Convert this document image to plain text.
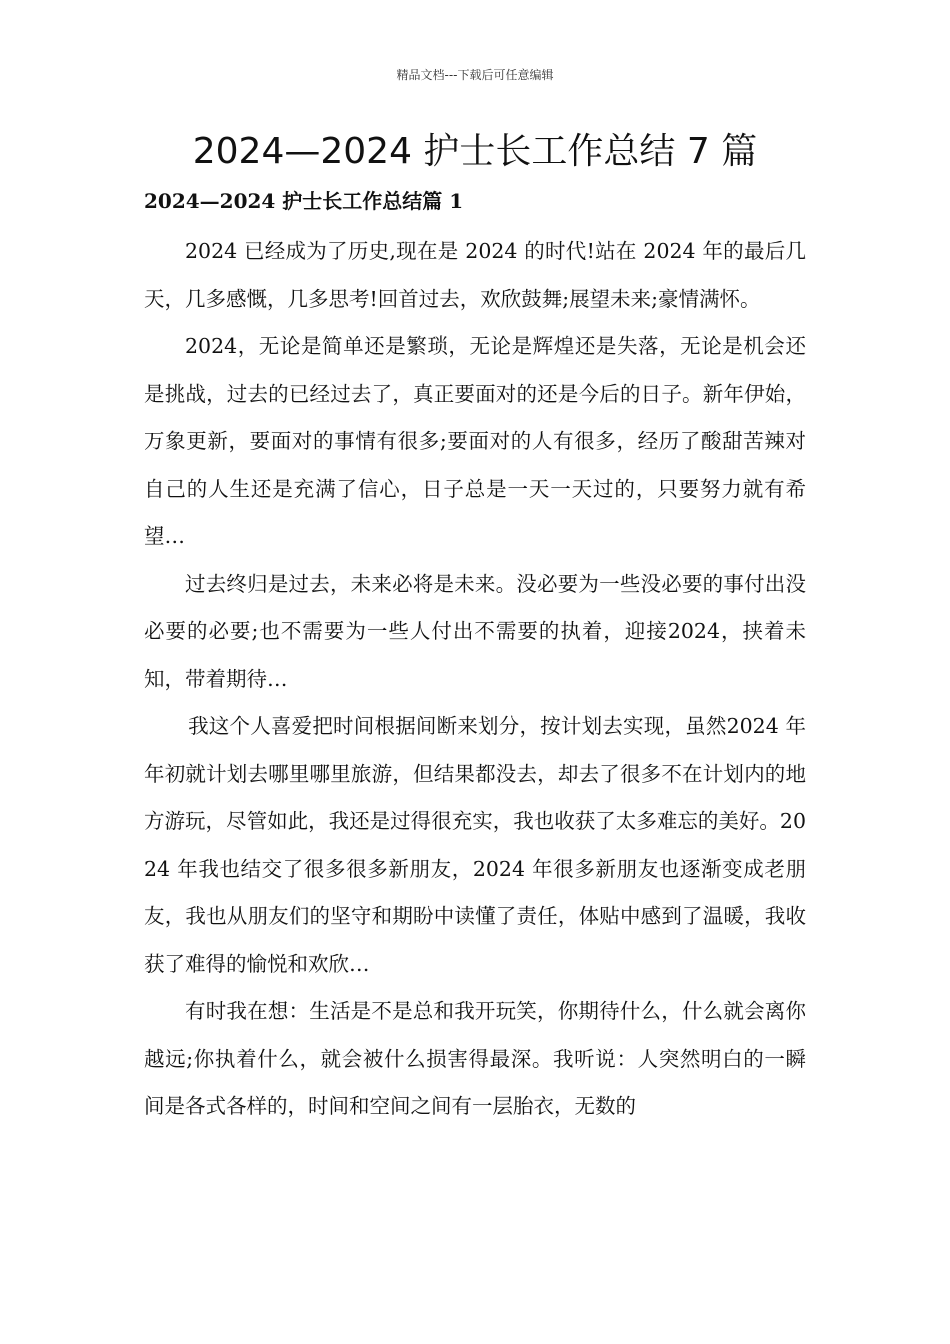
精品文档---下载后可任意编辑
2024—2024 护士长工作总结 7 篇
2024—2024 护士长工作总结篇 1

2024 已经成为了历史,现在是 2024 的时代!站在 2024 年的最后几天，几多感慨，几多思考!回首过去，欢欣鼓舞;展望未来;豪情满怀。

2024，无论是简单还是繁琐，无论是辉煌还是失落，无论是机会还是挑战，过去的已经过去了，真正要面对的还是今后的日子。新年伊始，万象更新，要面对的事情有很多;要面对的人有很多，经历了酸甜苦辣对自己的人生还是充满了信心，日子总是一天一天过的，只要努力就有希望…

过去终归是过去，未来必将是未来。没必要为一些没必要的事付出没必要的必要;也不需要为一些人付出不需要的执着，迎接2024，挟着未知，带着期待…

我这个人喜爱把时间根据间断来划分，按计划去实现，虽然2024 年年初就计划去哪里哪里旅游，但结果都没去，却去了很多不在计划内的地方游玩，尽管如此，我还是过得很充实，我也收获了太多难忘的美好。2024 年我也结交了很多很多新朋友，2024 年很多新朋友也逐渐变成老朋友，我也从朋友们的坚守和期盼中读懂了责任，体贴中感到了温暖，我收获了难得的愉悦和欢欣…

有时我在想：生活是不是总和我开玩笑，你期待什么，什么就会离你越远;你执着什么，就会被什么损害得最深。我听说：人突然明白的一瞬间是各式各样的，时间和空间之间有一层胎衣，无数的
